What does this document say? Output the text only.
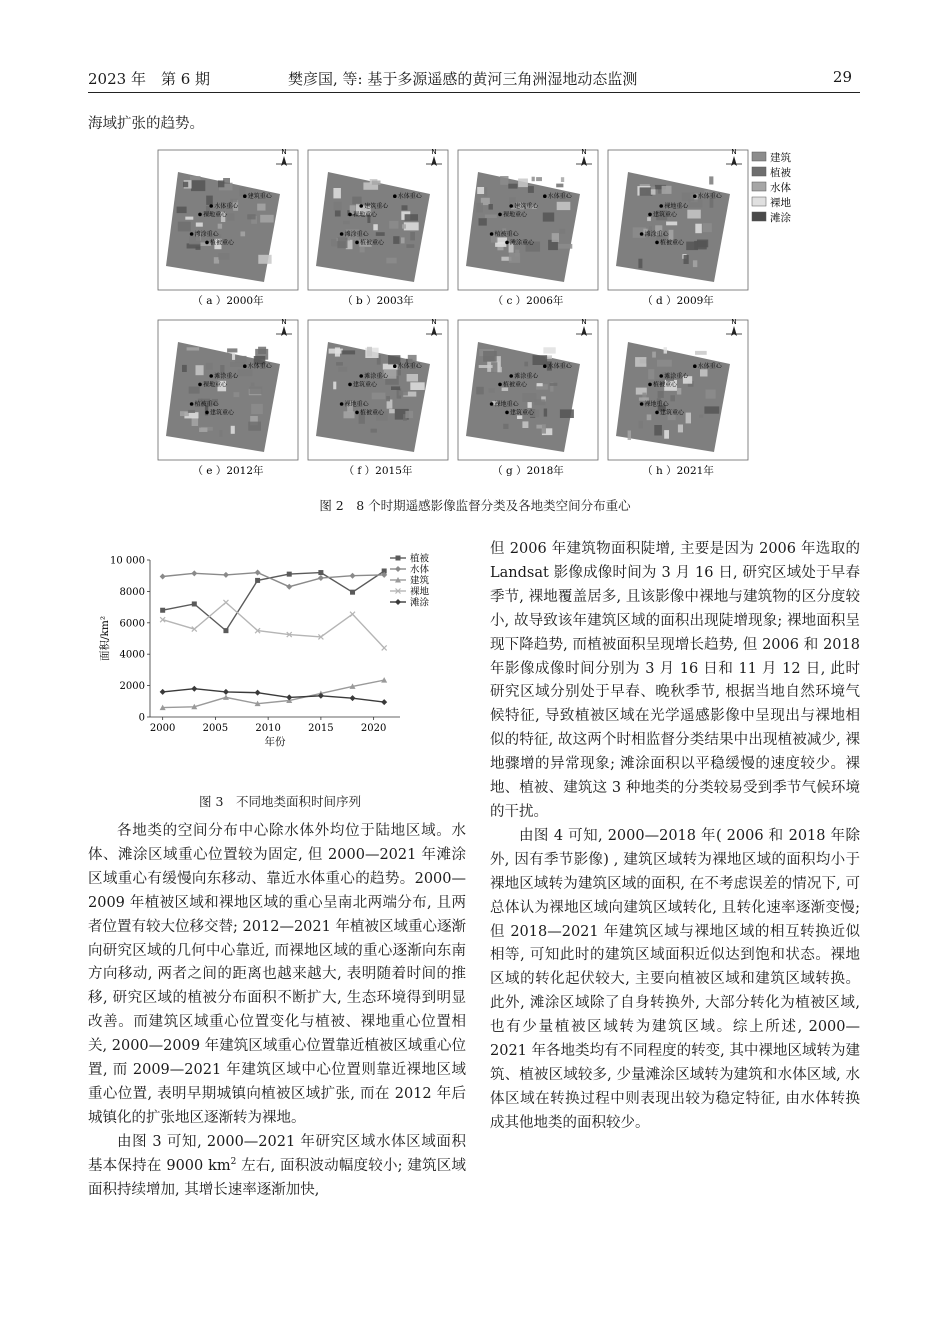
2023 年　第 6 期	樊彦国, 等: 基于多源遥感的黄河三角洲湿地动态监测	29
海域扩张的趋势。
N
建筑重心
水体重心
裸地重心
滩涂重心
植被重心
（ a ）2000年
N
水体重心
建筑重心
裸地重心
滩涂重心
植被重心
（ b ）2003年
N
水体重心
建筑重心
裸地重心
植被重心
滩涂重心
（ c ）2006年
N
水体重心
裸地重心
建筑重心
滩涂重心
植被重心
（ d ）2009年
N
水体重心
滩涂重心
裸地重心
植被重心
建筑重心
（ e ）2012年
N
水体重心
滩涂重心
建筑重心
裸地重心
植被重心
（ f ）2015年
N
水体重心
滩涂重心
植被重心
裸地重心
建筑重心
（ g ）2018年
N
水体重心
滩涂重心
植被重心
裸地重心
建筑重心
（ h ）2021年
建筑
植被
水体
裸地
滩涂
图 2　8 个时期遥感影像监督分类及各地类空间分布重心
0
2000
4000
6000
8000
10 000
2000	2005	2010	2015	2020
年份
面积/km²
植被
水体
建筑
裸地
滩涂
图 3　不同地类面积时间序列

各地类的空间分布中心除水体外均位于陆地区域。水体、滩涂区域重心位置较为固定, 但 2000—2021 年滩涂区域重心有缓慢向东移动、靠近水体重心的趋势。2000—2009 年植被区域和裸地区域的重心呈南北两端分布, 且两者位置有较大位移交替; 2012—2021 年植被区域重心逐渐向研究区域的几何中心靠近, 而裸地区域的重心逐渐向东南方向移动, 两者之间的距离也越来越大, 表明随着时间的推移, 研究区域的植被分布面积不断扩大, 生态环境得到明显改善。而建筑区域重心位置变化与植被、裸地重心位置相关, 2000—2009 年建筑区域重心位置靠近植被区域重心位置, 而 2009—2021 年建筑区域中心位置则靠近裸地区域重心位置, 表明早期城镇向植被区域扩张, 而在 2012 年后城镇化的扩张地区逐渐转为裸地。

由图 3 可知, 2000—2021 年研究区域水体区域面积基本保持在 9000 $km^2$ 左右, 面积波动幅度较小; 建筑区域面积持续增加, 其增长速率逐渐加快,

但 2006 年建筑物面积陡增, 主要是因为 2006 年选取的 Landsat 影像成像时间为 3 月 16 日, 研究区域处于早春季节, 裸地覆盖居多, 且该影像中裸地与建筑物的区分度较小, 故导致该年建筑区域的面积出现陡增现象; 裸地面积呈现下降趋势, 而植被面积呈现增长趋势, 但 2006 和 2018 年影像成像时间分别为 3 月 16 日和 11 月 12 日, 此时研究区域分别处于早春、晚秋季节, 根据当地自然环境气候特征, 导致植被区域在光学遥感影像中呈现出与裸地相似的特征, 故这两个时相监督分类结果中出现植被减少, 裸地骤增的异常现象; 滩涂面积以平稳缓慢的速度较少。裸地、植被、建筑这 3 种地类的分类较易受到季节气候环境的干扰。

由图 4 可知, 2000—2018 年( 2006 和 2018 年除外, 因有季节影像) , 建筑区域转为裸地区域的面积均小于裸地区域转为建筑区域的面积, 在不考虑误差的情况下, 可总体认为裸地区域向建筑区域转化, 且转化速率逐渐变慢; 但 2018—2021 年建筑区域与裸地区域的相互转换近似相等, 可知此时的建筑区域面积近似达到饱和状态。裸地区域的转化起伏较大, 主要向植被区域和建筑区域转换。此外, 滩涂区域除了自身转换外, 大部分转化为植被区域, 也有少量植被区域转为建筑区域。综上所述, 2000—2021 年各地类均有不同程度的转变, 其中裸地区域转为建筑、植被区域较多, 少量滩涂区域转为建筑和水体区域, 水体区域在转换过程中则表现出较为稳定特征, 由水体转换成其他地类的面积较少。
